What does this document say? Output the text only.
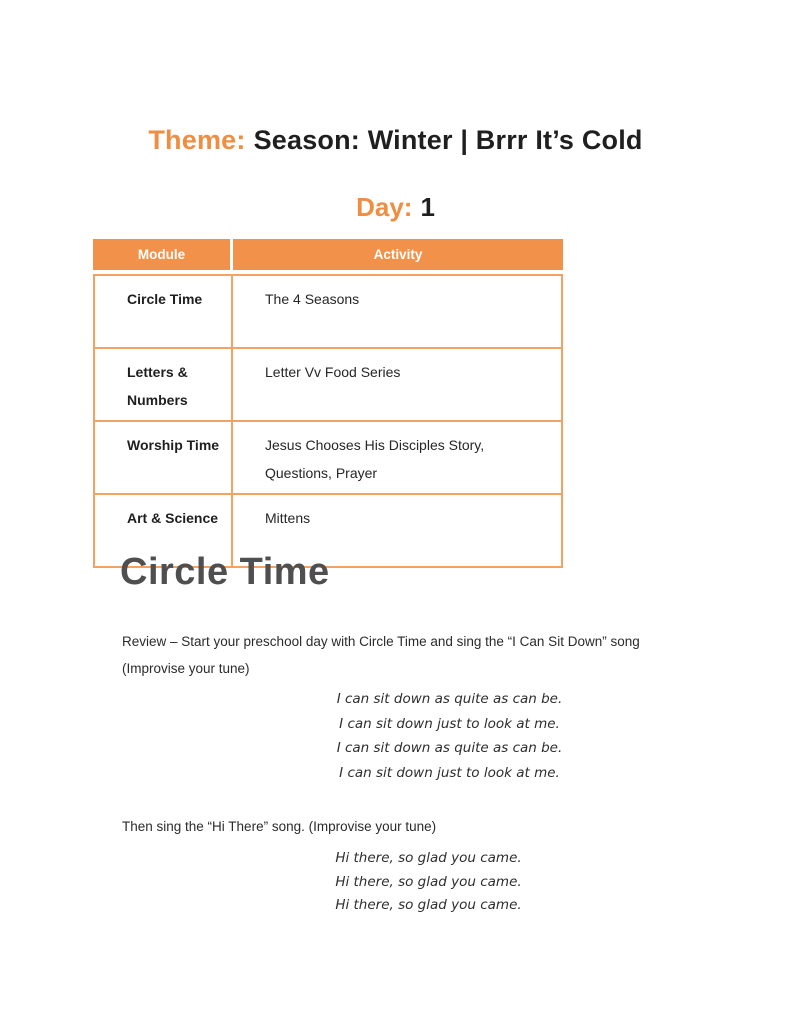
Theme: Season: Winter | Brrr It’s Cold
Day: 1
Module	Activity
Circle Time	The 4 Seasons
Letters & Numbers	Letter Vv Food Series
Worship Time	Jesus Chooses His Disciples Story, Questions, Prayer
Art & Science	Mittens
Circle Time
Review – Start your preschool day with Circle Time and sing the “I Can Sit Down” song (Improvise your tune)
I can sit down as quite as can be.
I can sit down just to look at me.
I can sit down as quite as can be.
I can sit down just to look at me.
Then sing the “Hi There” song. (Improvise your tune)
Hi there, so glad you came.
Hi there, so glad you came.
Hi there, so glad you came.
